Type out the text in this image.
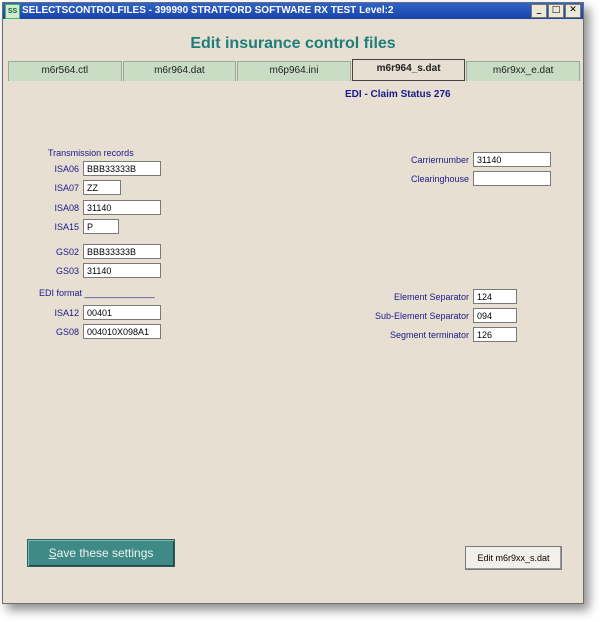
SS SELECTSCONTROLFILES - 399990 STRATFORD SOFTWARE RX TEST Level:2	_	□ ✕
Edit insurance control files
m6r564.ctl	m6r964.dat	m6p964.ini	m6r964_s.dat	m6r9xx_e.dat
EDI - Claim Status 276
Transmission records
ISA06 BBB33333B
ISA07 ZZ
ISA08 31140
ISA15 P
GS02 BBB33333B
GS03 31140
EDI format ______________
ISA12 00401
GS08 004010X098A1
Carriernumber 31140
Clearinghouse
Element Separator 124
Sub-Element Separator 094
Segment terminator 126
Save these settings	Edit m6r9xx_s.dat
